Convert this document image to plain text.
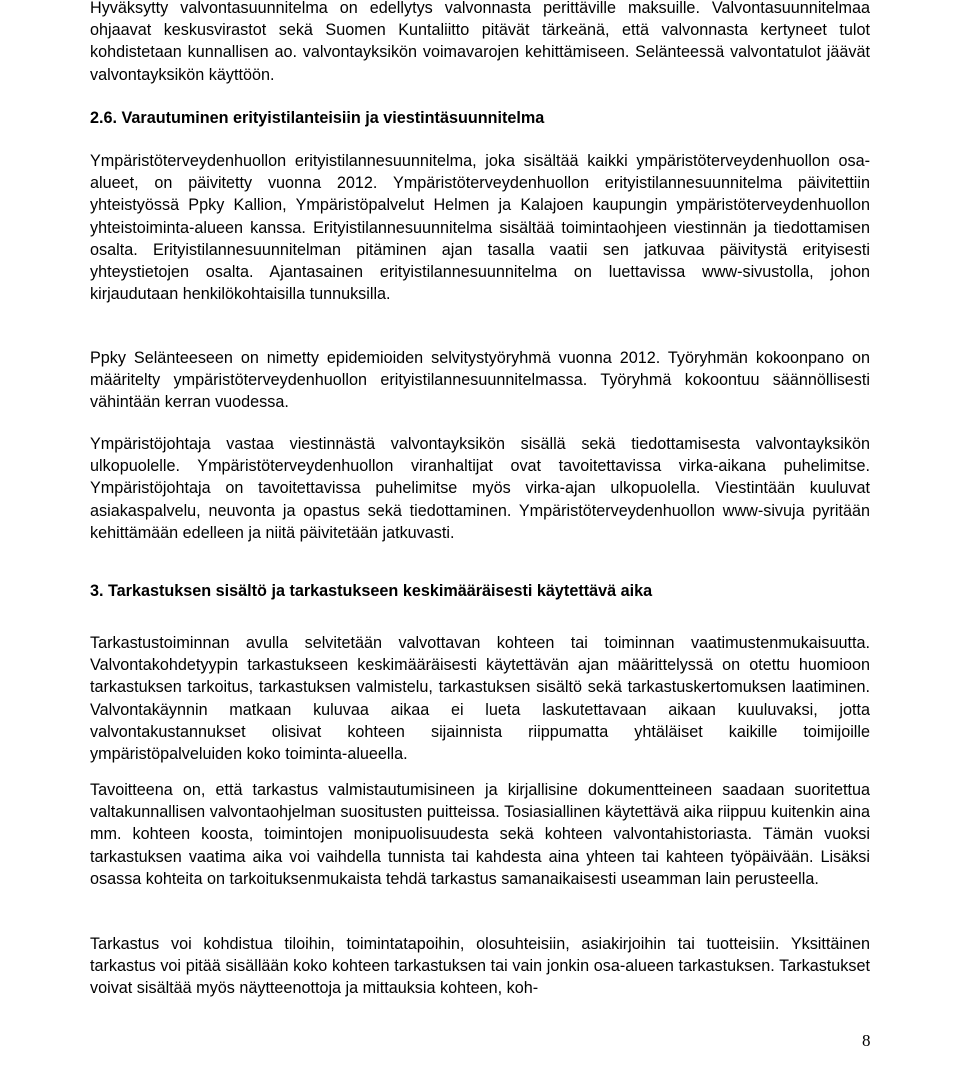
Hyväksytty valvontasuunnitelma on edellytys valvonnasta perittäville maksuille. Valvontasuunnitelmaa ohjaavat keskusvirastot sekä Suomen Kuntaliitto pitävät tärkeänä, että valvonnasta kertyneet tulot kohdistetaan kunnallisen ao. valvontayksikön voimavarojen kehittämiseen. Selänteessä valvontatulot jäävät valvontayksikön käyttöön.

2.6. Varautuminen erityistilanteisiin ja viestintäsuunnitelma

Ympäristöterveydenhuollon erityistilannesuunnitelma, joka sisältää kaikki ympäristöterveydenhuollon osa-alueet, on päivitetty vuonna 2012. Ympäristöterveydenhuollon erityistilannesuunnitelma päivitettiin yhteistyössä Ppky Kallion, Ympäristöpalvelut Helmen ja Kalajoen kaupungin ympäristöterveydenhuollon yhteistoiminta-alueen kanssa. Erityistilannesuunnitelma sisältää toimintaohjeen viestinnän ja tiedottamisen osalta. Erityistilannesuunnitelman pitäminen ajan tasalla vaatii sen jatkuvaa päivitystä erityisesti yhteystietojen osalta. Ajantasainen erityistilannesuunnitelma on luettavissa www-sivustolla, johon kirjaudutaan henkilökohtaisilla tunnuksilla.

Ppky Selänteeseen on nimetty epidemioiden selvitystyöryhmä vuonna 2012. Työryhmän kokoonpano on määritelty ympäristöterveydenhuollon erityistilannesuunnitelmassa. Työryhmä kokoontuu säännöllisesti vähintään kerran vuodessa.

Ympäristöjohtaja vastaa viestinnästä valvontayksikön sisällä sekä tiedottamisesta valvontayksikön ulkopuolelle. Ympäristöterveydenhuollon viranhaltijat ovat tavoitettavissa virka-aikana puhelimitse. Ympäristöjohtaja on tavoitettavissa puhelimitse myös virka-ajan ulkopuolella. Viestintään kuuluvat asiakaspalvelu, neuvonta ja opastus sekä tiedottaminen. Ympäristöterveydenhuollon www-sivuja pyritään kehittämään edelleen ja niitä päivitetään jatkuvasti.

3. Tarkastuksen sisältö ja tarkastukseen keskimääräisesti käytettävä aika

Tarkastustoiminnan avulla selvitetään valvottavan kohteen tai toiminnan vaatimustenmukaisuutta. Valvontakohdetyypin tarkastukseen keskimääräisesti käytettävän ajan määrittelyssä on otettu huomioon tarkastuksen tarkoitus, tarkastuksen valmistelu, tarkastuksen sisältö sekä tarkastuskertomuksen laatiminen. Valvontakäynnin matkaan kuluvaa aikaa ei lueta laskutettavaan aikaan kuuluvaksi, jotta valvontakustannukset olisivat kohteen sijainnista riippumatta yhtäläiset kaikille toimijoille ympäristöpalveluiden koko toiminta-alueella.

Tavoitteena on, että tarkastus valmistautumisineen ja kirjallisine dokumentteineen saadaan suoritettua valtakunnallisen valvontaohjelman suositusten puitteissa. Tosiasiallinen käytettävä aika riippuu kuitenkin aina mm. kohteen koosta, toimintojen monipuolisuudesta sekä kohteen valvontahistoriasta. Tämän vuoksi tarkastuksen vaatima aika voi vaihdella tunnista tai kahdesta aina yhteen tai kahteen työpäivään. Lisäksi osassa kohteita on tarkoituksenmukaista tehdä tarkastus samanaikaisesti useamman lain perusteella.

Tarkastus voi kohdistua tiloihin, toimintatapoihin, olosuhteisiin, asiakirjoihin tai tuotteisiin. Yksittäinen tarkastus voi pitää sisällään koko kohteen tarkastuksen tai vain jonkin osa-alueen tarkastuksen. Tarkastukset voivat sisältää myös näytteenottoja ja mittauksia kohteen, koh-

8
